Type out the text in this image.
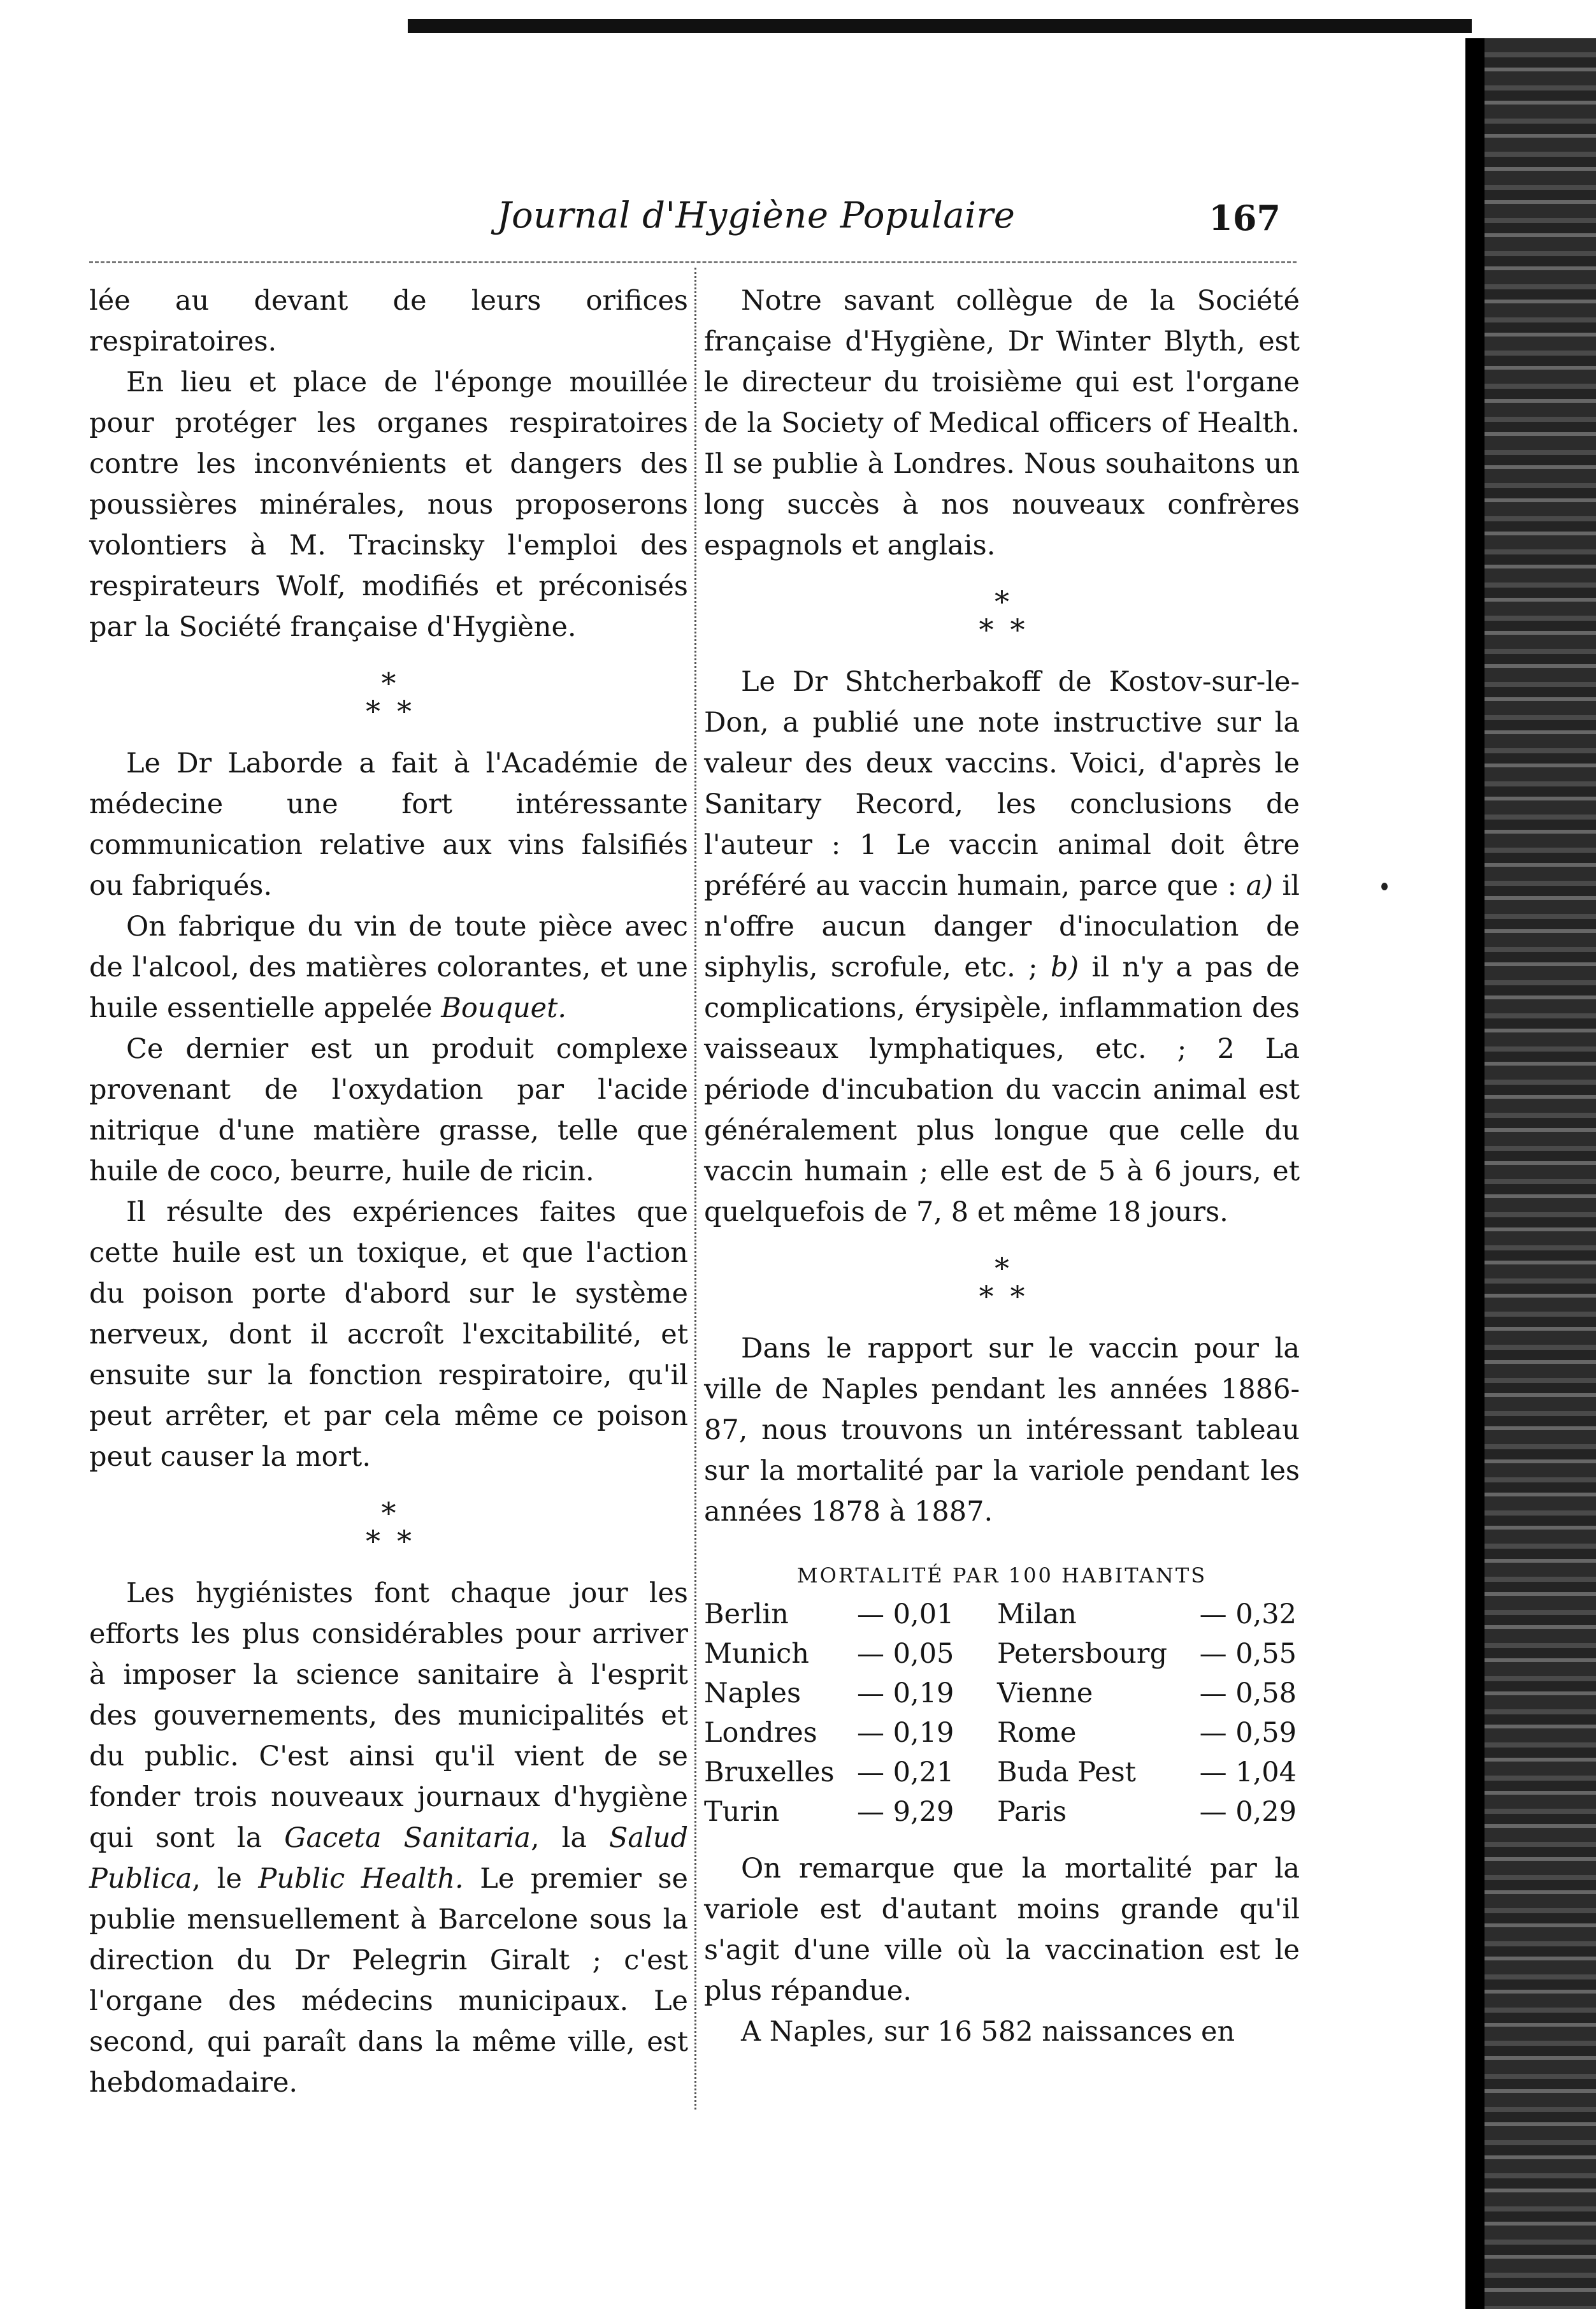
Journal d'Hygiène Populaire	167

lée au devant de leurs orifices respiratoires.

En lieu et place de l'éponge mouillée pour protéger les organes respiratoires contre les inconvénients et dangers des poussières minérales, nous proposerons volontiers à M. Tracinsky l'emploi des respirateurs Wolf, modifiés et préconisés par la Société française d'Hygiène.

*
**

Le Dr Laborde a fait à l'Académie de médecine une fort intéressante communication relative aux vins falsifiés ou fabriqués.

On fabrique du vin de toute pièce avec de l'alcool, des matières colorantes, et une huile essentielle appelée Bouquet.

Ce dernier est un produit complexe provenant de l'oxydation par l'acide nitrique d'une matière grasse, telle que huile de coco, beurre, huile de ricin.

Il résulte des expériences faites que cette huile est un toxique, et que l'action du poison porte d'abord sur le système nerveux, dont il accroît l'excitabilité, et ensuite sur la fonction respiratoire, qu'il peut arrêter, et par cela même ce poison peut causer la mort.

*
**

Les hygiénistes font chaque jour les efforts les plus considérables pour arriver à imposer la science sanitaire à l'esprit des gouvernements, des municipalités et du public. C'est ainsi qu'il vient de se fonder trois nouveaux journaux d'hygiène qui sont la Gaceta Sanitaria, la Salud Publica, le Public Health. Le premier se publie mensuellement à Barcelone sous la direction du Dr Pelegrin Giralt ; c'est l'organe des médecins municipaux. Le second, qui paraît dans la même ville, est hebdomadaire.

Notre savant collègue de la Société française d'Hygiène, Dr Winter Blyth, est le directeur du troisième qui est l'organe de la Society of Medical officers of Health. Il se publie à Londres. Nous souhaitons un long succès à nos nouveaux confrères espagnols et anglais.

*
**

Le Dr Shtcherbakoff de Kostov-sur-le-Don, a publié une note instructive sur la valeur des deux vaccins. Voici, d'après le Sanitary Record, les conclusions de l'auteur : 1 Le vaccin animal doit être préféré au vaccin humain, parce que : a) il n'offre aucun danger d'inoculation de siphylis, scrofule, etc. ; b) il n'y a pas de complications, érysipèle, inflammation des vaisseaux lymphatiques, etc. ; 2 La période d'incubation du vaccin animal est généralement plus longue que celle du vaccin humain ; elle est de 5 à 6 jours, et quelquefois de 7, 8 et même 18 jours.

*
**

Dans le rapport sur le vaccin pour la ville de Naples pendant les années 1886-87, nous trouvons un intéressant tableau sur la mortalité par la variole pendant les années 1878 à 1887.

MORTALITÉ PAR 100 HABITANTS
Berlin	— 0,01	Milan	— 0,32
Munich	— 0,05	Petersbourg	— 0,55
Naples	— 0,19	Vienne	— 0,58
Londres	— 0,19	Rome	— 0,59
Bruxelles	— 0,21	Buda Pest	— 1,04
Turin	— 9,29	Paris	— 0,29

On remarque que la mortalité par la variole est d'autant moins grande qu'il s'agit d'une ville où la vaccination est le plus répandue.

A Naples, sur 16 582 naissances en
